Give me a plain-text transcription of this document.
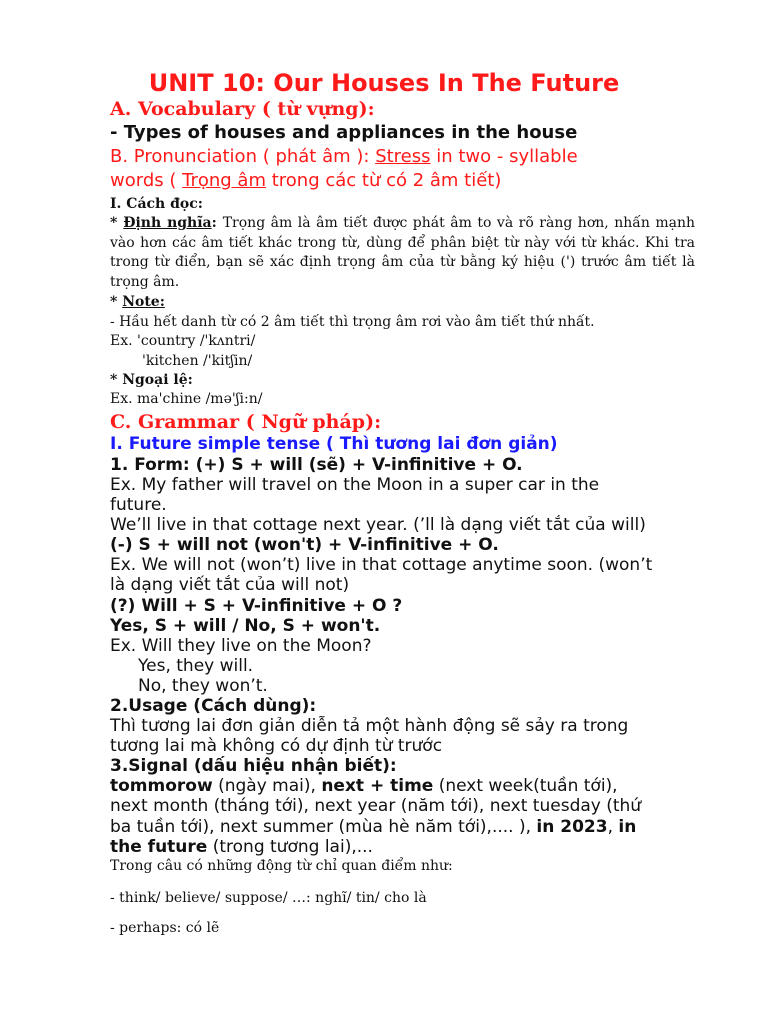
UNIT 10: Our Houses In The Future
A. Vocabulary ( từ vựng):
- Types of houses and appliances in the house
B. Pronunciation ( phát âm ): Stress in two - syllable
words ( Trọng âm trong các từ có 2 âm tiết)
I. Cách đọc:
* Định nghĩa: Trọng âm là âm tiết được phát âm to và rõ ràng hơn, nhấn mạnh vào hơn các âm tiết khác trong từ, dùng để phân biệt từ này với từ khác. Khi tra trong từ điển, bạn sẽ xác định trọng âm của từ bằng ký hiệu (') trước âm tiết là trọng âm.
* Note:
- Hầu hết danh từ có 2 âm tiết thì trọng âm rơi vào âm tiết thứ nhất.
Ex. 'country /'kʌntri/
'kitchen /'kitʃin/
* Ngoại lệ:
Ex. ma'chine /mə'ʃi:n/
C. Grammar ( Ngữ pháp):
I. Future simple tense ( Thì tương lai đơn giản)
1. Form: (+) S + will (sẽ) + V-infinitive + O.
Ex. My father will travel on the Moon in a super car in the
future.
We’ll live in that cottage next year. (’ll là dạng viết tắt của will)
(-) S + will not (won't) + V-infinitive + O.
Ex. We will not (won’t) live in that cottage anytime soon. (won’t
là dạng viết tắt của will not)
(?) Will + S + V-infinitive + O ?
Yes, S + will / No, S + won't.
Ex. Will they live on the Moon?
Yes, they will.
No, they won’t.
2.Usage (Cách dùng):
Thì tương lai đơn giản diễn tả một hành động sẽ sảy ra trong
tương lai mà không có dự định từ trước
3.Signal (dấu hiệu nhận biết):
tommorow (ngày mai), next + time (next week(tuần tới),
next month (tháng tới), next year (năm tới), next tuesday (thứ
ba tuần tới), next summer (mùa hè năm tới),.... ), in 2023, in
the future (trong tương lai),...
Trong câu có những động từ chỉ quan điểm như:
- think/ believe/ suppose/ …: nghĩ/ tin/ cho là
- perhaps: có lẽ
